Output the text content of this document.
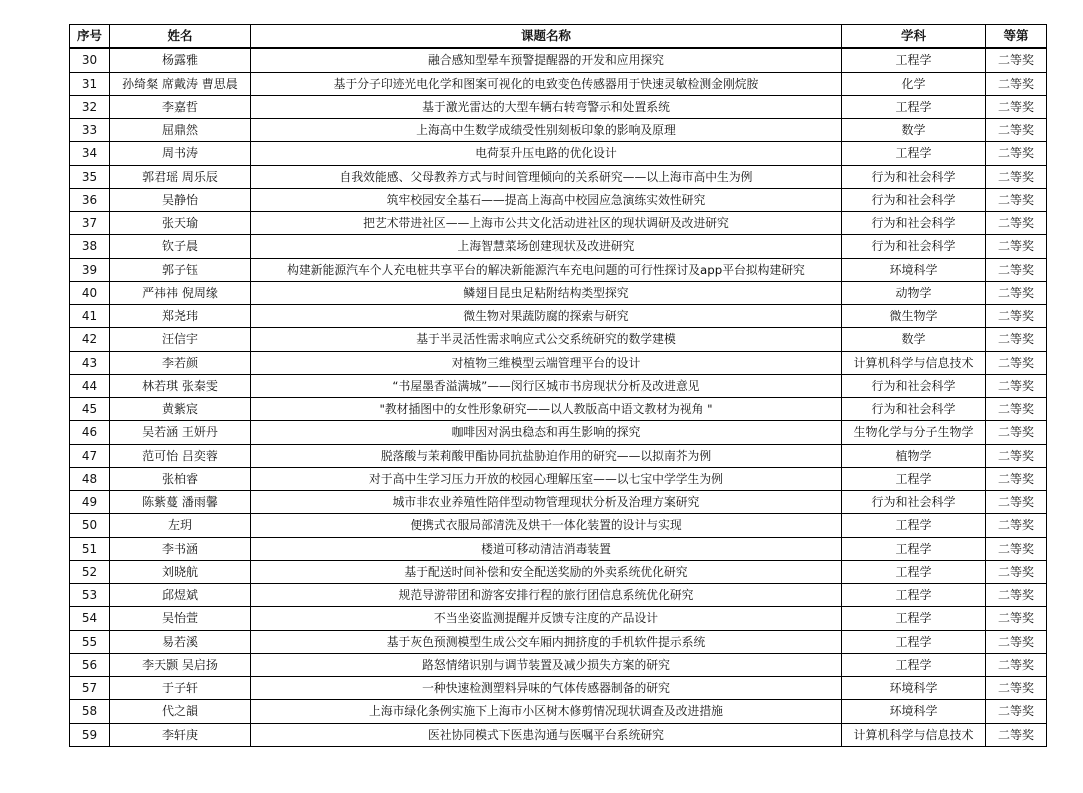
序号	姓名	课题名称	学科	等第
30	杨露雅	融合感知型晕车预警提醒器的开发和应用探究	工程学	二等奖
31	孙绮粲 席戴涛 曹思晨	基于分子印迹光电化学和图案可视化的电致变色传感器用于快速灵敏检测金刚烷胺	化学	二等奖
32	李嘉哲	基于激光雷达的大型车辆右转弯警示和处置系统	工程学	二等奖
33	屈鼎然	上海高中生数学成绩受性别刻板印象的影响及原理	数学	二等奖
34	周书涛	电荷泵升压电路的优化设计	工程学	二等奖
35	郭君瑶 周乐辰	自我效能感、父母教养方式与时间管理倾向的关系研究——以上海市高中生为例	行为和社会科学	二等奖
36	吴静怡	筑牢校园安全基石——提高上海高中校园应急演练实效性研究	行为和社会科学	二等奖
37	张天瑜	把艺术带进社区——上海市公共文化活动进社区的现状调研及改进研究	行为和社会科学	二等奖
38	钦子晨	上海智慧菜场创建现状及改进研究	行为和社会科学	二等奖
39	郭子钰	构建新能源汽车个人充电桩共享平台的解决新能源汽车充电问题的可行性探讨及app平台拟构建研究	环境科学	二等奖
40	严祎祎 倪周缘	鳞翅目昆虫足粘附结构类型探究	动物学	二等奖
41	郑尧玮	微生物对果蔬防腐的探索与研究	微生物学	二等奖
42	汪信宇	基于半灵活性需求响应式公交系统研究的数学建模	数学	二等奖
43	李若颜	对植物三维模型云端管理平台的设计	计算机科学与信息技术	二等奖
44	林若琪 张秦雯	“书屋墨香溢满城”——闵行区城市书房现状分析及改进意见	行为和社会科学	二等奖
45	黄紫宸	"教材插图中的女性形象研究——以人教版高中语文教材为视角 "	行为和社会科学	二等奖
46	吴若涵 王妍丹	咖啡因对涡虫稳态和再生影响的探究	生物化学与分子生物学	二等奖
47	范可怡 吕奕蓉	脱落酸与茉莉酸甲酯协同抗盐胁迫作用的研究——以拟南芥为例	植物学	二等奖
48	张柏睿	对于高中生学习压力开放的校园心理解压室——以七宝中学学生为例	工程学	二等奖
49	陈紫蔓 潘雨馨	城市非农业养殖性陪伴型动物管理现状分析及治理方案研究	行为和社会科学	二等奖
50	左玥	便携式衣服局部清洗及烘干一体化装置的设计与实现	工程学	二等奖
51	李书涵	楼道可移动清洁消毒装置	工程学	二等奖
52	刘晓航	基于配送时间补偿和安全配送奖励的外卖系统优化研究	工程学	二等奖
53	邱煜斌	规范导游带团和游客安排行程的旅行团信息系统优化研究	工程学	二等奖
54	吴怡萱	不当坐姿监测提醒并反馈专注度的产品设计	工程学	二等奖
55	易若溪	基于灰色预测模型生成公交车厢内拥挤度的手机软件提示系统	工程学	二等奖
56	李天颢 吴启扬	路怒情绪识别与调节装置及减少损失方案的研究	工程学	二等奖
57	于子轩	一种快速检测塑料异味的气体传感器制备的研究	环境科学	二等奖
58	代之韻	上海市绿化条例实施下上海市小区树木修剪情况现状调查及改进措施	环境科学	二等奖
59	李轩庚	医社协同模式下医患沟通与医嘱平台系统研究	计算机科学与信息技术	二等奖
